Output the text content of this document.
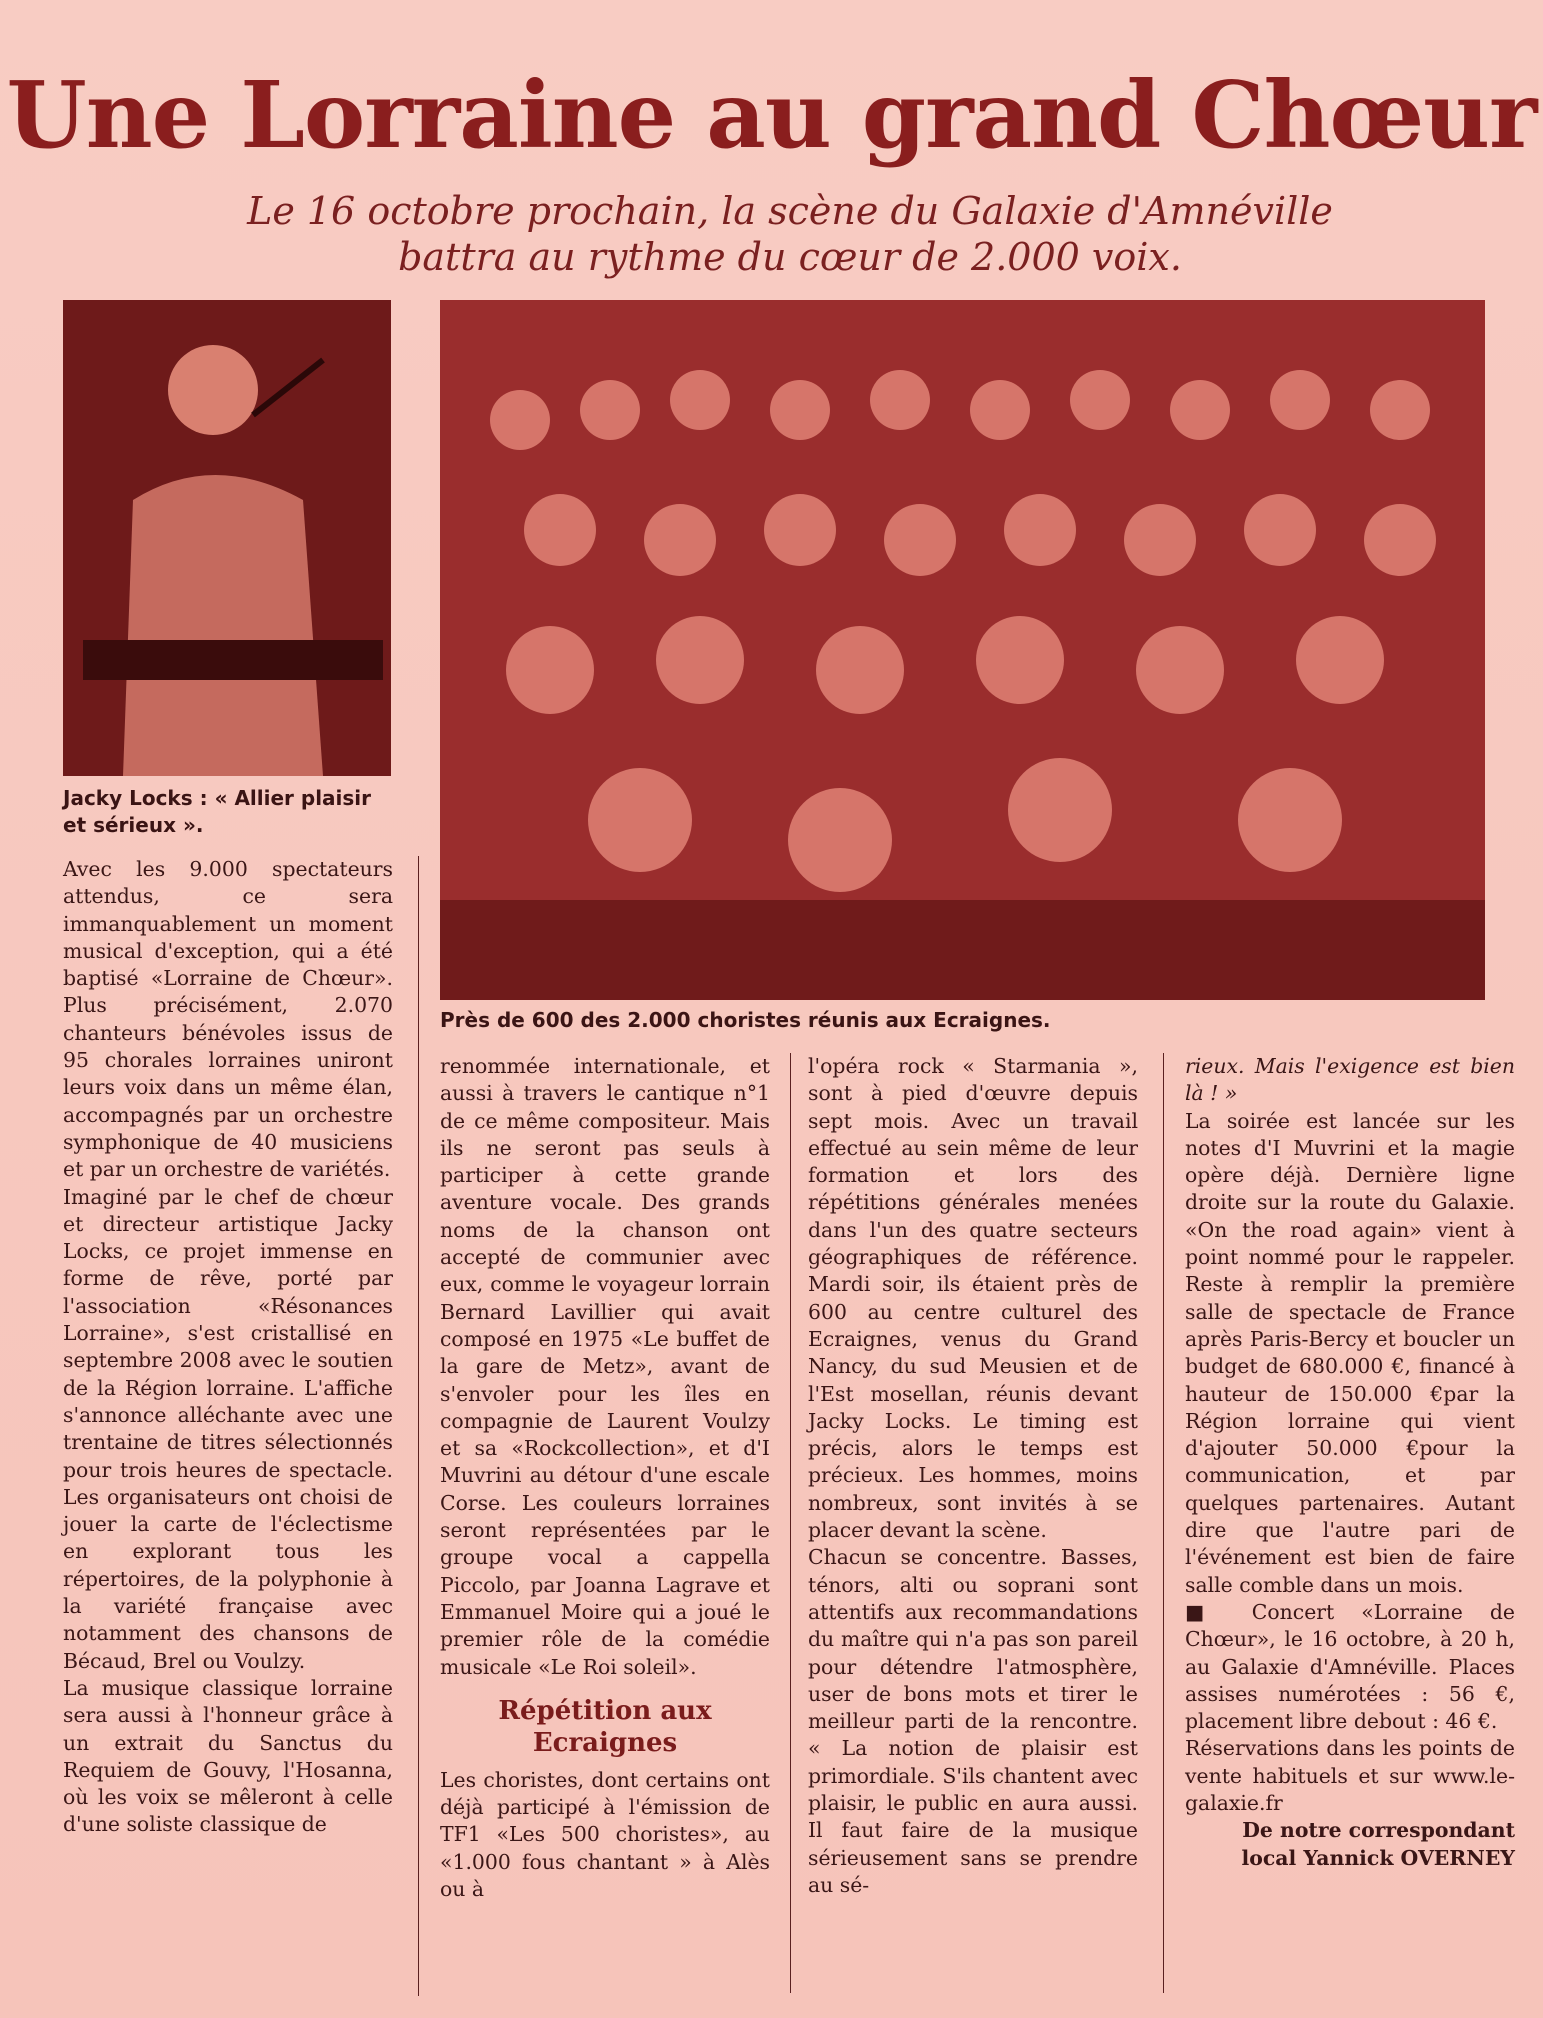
Une Lorraine au grand Chœur
Le 16 octobre prochain, la scène du Galaxie d'Amnéville battra au rythme du cœur de 2.000 voix.
Jacky Locks : « Allier plaisir et sérieux ».
Près de 600 des 2.000 choristes réunis aux Ecraignes.

Avec les 9.000 spectateurs attendus, ce sera immanquablement un moment musical d'exception, qui a été baptisé «Lorraine de Chœur». Plus précisément, 2.070 chanteurs bénévoles issus de 95 chorales lorraines uniront leurs voix dans un même élan, accompagnés par un orchestre symphonique de 40 musiciens et par un orchestre de variétés.

Imaginé par le chef de chœur et directeur artistique Jacky Locks, ce projet immense en forme de rêve, porté par l'association «Résonances Lorraine», s'est cristallisé en septembre 2008 avec le soutien de la Région lorraine. L'affiche s'annonce alléchante avec une trentaine de titres sélectionnés pour trois heures de spectacle. Les organisateurs ont choisi de jouer la carte de l'éclectisme en explorant tous les répertoires, de la polyphonie à la variété française avec notamment des chansons de Bécaud, Brel ou Voulzy.

La musique classique lorraine sera aussi à l'honneur grâce à un extrait du Sanctus du Requiem de Gouvy, l'Hosanna, où les voix se mêleront à celle d'une soliste classique de

renommée internationale, et aussi à travers le cantique n°1 de ce même compositeur. Mais ils ne seront pas seuls à participer à cette grande aventure vocale. Des grands noms de la chanson ont accepté de communier avec eux, comme le voyageur lorrain Bernard Lavillier qui avait composé en 1975 «Le buffet de la gare de Metz», avant de s'envoler pour les îles en compagnie de Laurent Voulzy et sa «Rockcollection», et d'I Muvrini au détour d'une escale Corse. Les couleurs lorraines seront représentées par le groupe vocal a cappella Piccolo, par Joanna Lagrave et Emmanuel Moire qui a joué le premier rôle de la comédie musicale «Le Roi soleil».

Répétition aux Ecraignes

Les choristes, dont certains ont déjà participé à l'émission de TF1 «Les 500 choristes», au «1.000 fous chantant » à Alès ou à

l'opéra rock « Starmania », sont à pied d'œuvre depuis sept mois. Avec un travail effectué au sein même de leur formation et lors des répétitions générales menées dans l'un des quatre secteurs géographiques de référence. Mardi soir, ils étaient près de 600 au centre culturel des Ecraignes, venus du Grand Nancy, du sud Meusien et de l'Est mosellan, réunis devant Jacky Locks. Le timing est précis, alors le temps est précieux. Les hommes, moins nombreux, sont invités à se placer devant la scène.

Chacun se concentre. Basses, ténors, alti ou soprani sont attentifs aux recommandations du maître qui n'a pas son pareil pour détendre l'atmosphère, user de bons mots et tirer le meilleur parti de la rencontre. « La notion de plaisir est primordiale. S'ils chantent avec plaisir, le public en aura aussi. Il faut faire de la musique sérieusement sans se prendre au sé-

rieux. Mais l'exigence est bien là ! »

La soirée est lancée sur les notes d'I Muvrini et la magie opère déjà. Dernière ligne droite sur la route du Galaxie. «On the road again» vient à point nommé pour le rappeler. Reste à remplir la première salle de spectacle de France après Paris-Bercy et boucler un budget de 680.000 €, financé à hauteur de 150.000 €par la Région lorraine qui vient d'ajouter 50.000 €pour la communication, et par quelques partenaires. Autant dire que l'autre pari de l'événement est bien de faire salle comble dans un mois.

■ Concert «Lorraine de Chœur», le 16 octobre, à 20 h, au Galaxie d'Amnéville. Places assises numérotées : 56 €, placement libre debout : 46 €.

Réservations dans les points de vente habituels et sur www.le-galaxie.fr

De notre correspondant local Yannick OVERNEY
